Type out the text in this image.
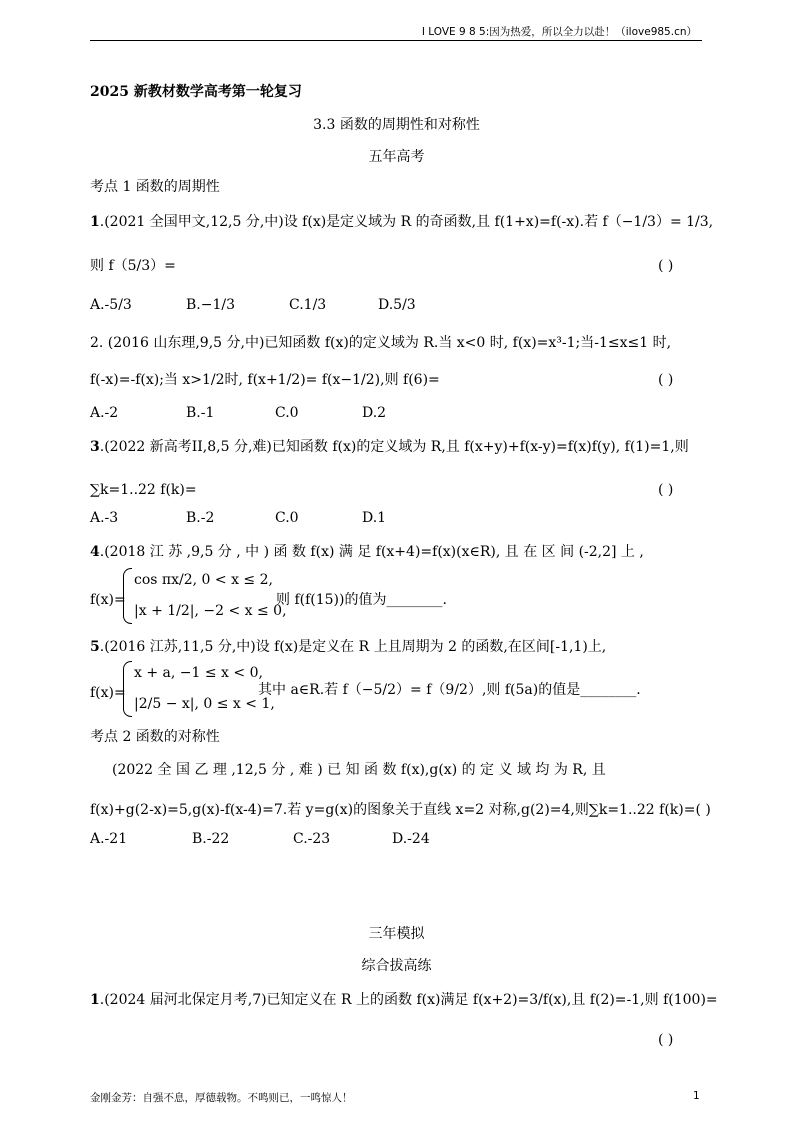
I LOVE 9 8 5:因为热爱，所以全力以赴！（ilove985.cn）
2025 新教材数学高考第一轮复习
3.3 函数的周期性和对称性
五年高考
考点 1 函数的周期性
1.(2021 全国甲文,12,5 分,中)设 f(x)是定义域为 R 的奇函数,且 f(1+x)=f(-x).若 f（−1/3）= 1/3,
则 f（5/3）=	( )
A.-5/3	B.−1/3	C.1/3	D.5/3
2. (2016 山东理,9,5 分,中)已知函数 f(x)的定义域为 R.当 x<0 时, f(x)=x³-1;当-1≤x≤1 时,
f(-x)=-f(x);当 x>1/2时, f(x+1/2)= f(x−1/2),则 f(6)=	( )
A.-2	B.-1	C.0	D.2
3.(2022 新高考II,8,5 分,难)已知函数 f(x)的定义域为 R,且 f(x+y)+f(x-y)=f(x)f(y), f(1)=1,则
∑k=1..22 f(k)=	( )
A.-3	B.-2	C.0	D.1
4.(2018 江 苏 ,9,5 分 , 中 ) 函 数 f(x) 满 足 f(x+4)=f(x)(x∈R), 且 在 区 间 (-2,2] 上 ,
f(x)=
cos πx/2, 0 < x ≤ 2,
|x + 1/2|, −2 < x ≤ 0,
则 f(f(15))的值为________.
5.(2016 江苏,11,5 分,中)设 f(x)是定义在 R 上且周期为 2 的函数,在区间[-1,1)上,
f(x)=
x + a, −1 ≤ x < 0,
|2/5 − x|, 0 ≤ x < 1,
其中 a∈R.若 f（−5/2）= f（9/2）,则 f(5a)的值是________.
考点 2 函数的对称性
(2022 全 国 乙 理 ,12,5 分 , 难 ) 已 知 函 数 f(x),g(x) 的 定 义 域 均 为 R, 且
f(x)+g(2-x)=5,g(x)-f(x-4)=7.若 y=g(x)的图象关于直线 x=2 对称,g(2)=4,则∑k=1..22 f(k)=( )
A.-21	B.-22	C.-23	D.-24
三年模拟
综合拔高练
1.(2024 届河北保定月考,7)已知定义在 R 上的函数 f(x)满足 f(x+2)=3/f(x),且 f(2)=-1,则 f(100)=
( )
金刚金芳：自强不息，厚德载物。不鸣则已，一鸣惊人！	1
